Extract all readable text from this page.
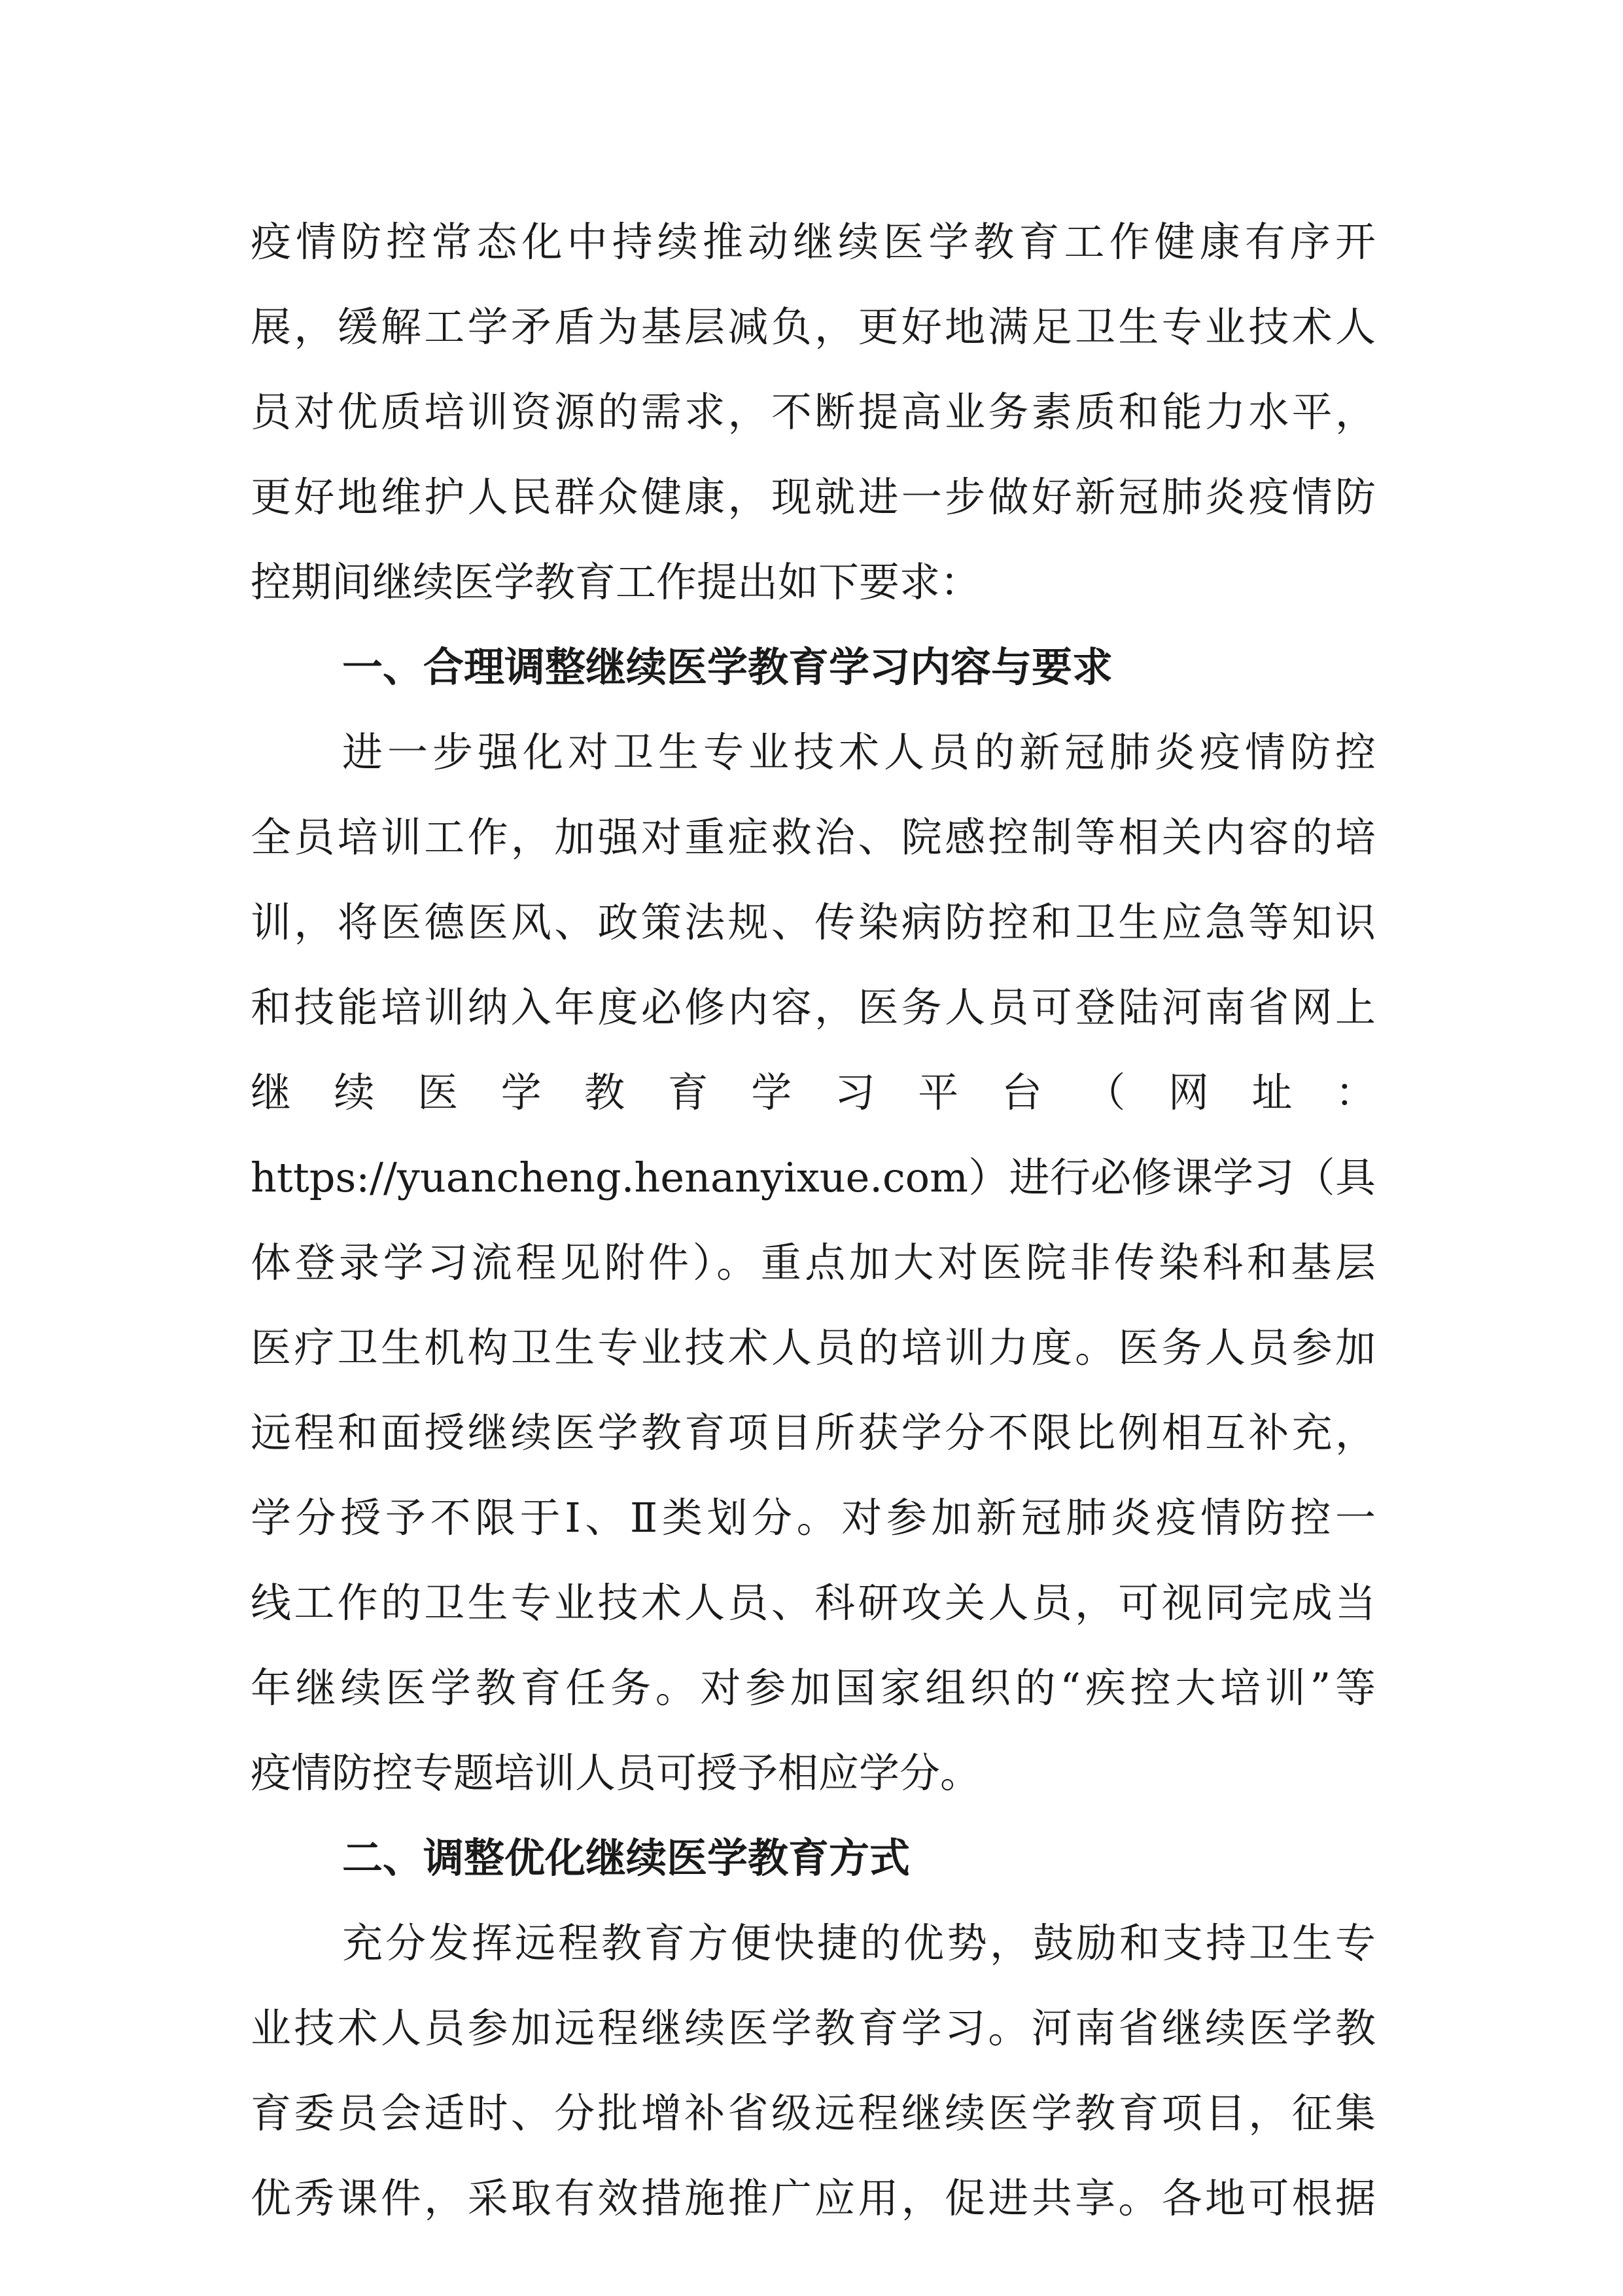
疫情防控常态化中持续推动继续医学教育工作健康有序开
展，缓解工学矛盾为基层减负，更好地满足卫生专业技术人
员对优质培训资源的需求，不断提高业务素质和能力水平，
更好地维护人民群众健康，现就进一步做好新冠肺炎疫情防
控期间继续医学教育工作提出如下要求：
一、合理调整继续医学教育学习内容与要求
进一步强化对卫生专业技术人员的新冠肺炎疫情防控
全员培训工作，加强对重症救治、院感控制等相关内容的培
训，将医德医风、政策法规、传染病防控和卫生应急等知识
和技能培训纳入年度必修内容，医务人员可登陆河南省网上
继续医学教育学习平台（网址：
https://yuancheng.henanyixue.com）进行必修课学习（具
体登录学习流程见附件）。重点加大对医院非传染科和基层
医疗卫生机构卫生专业技术人员的培训力度。医务人员参加
远程和面授继续医学教育项目所获学分不限比例相互补充，
学分授予不限于Ⅰ、Ⅱ类划分。对参加新冠肺炎疫情防控一
线工作的卫生专业技术人员、科研攻关人员，可视同完成当
年继续医学教育任务。对参加国家组织的“疾控大培训”等
疫情防控专题培训人员可授予相应学分。
二、调整优化继续医学教育方式
充分发挥远程教育方便快捷的优势，鼓励和支持卫生专
业技术人员参加远程继续医学教育学习。河南省继续医学教
育委员会适时、分批增补省级远程继续医学教育项目，征集
优秀课件，采取有效措施推广应用，促进共享。各地可根据
